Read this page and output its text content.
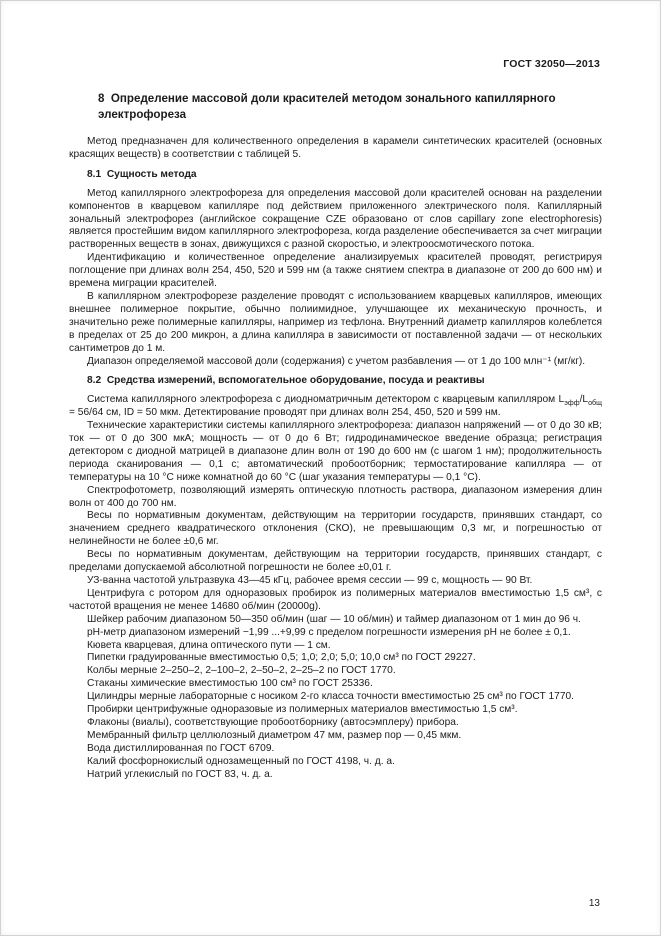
ГОСТ 32050—2013
8  Определение массовой доли красителей методом зонального капиллярного электрофореза
Метод предназначен для количественного определения в карамели синтетических красителей (основных красящих веществ) в соответствии с таблицей 5.
8.1  Сущность метода
Метод капиллярного электрофореза для определения массовой доли красителей основан на разделении компонентов в кварцевом капилляре под действием приложенного электрического поля. Капиллярный зональный электрофорез (английское сокращение CZE образовано от слов capillary zone electrophoresis) является простейшим видом капиллярного электрофореза, когда разделение обеспечивается за счет миграции растворенных веществ в зонах, движущихся с разной скоростью, и электроосмотического потока.
Идентификацию и количественное определение анализируемых красителей проводят, регистрируя поглощение при длинах волн 254, 450, 520 и 599 нм (а также снятием спектра в диапазоне от 200 до 600 нм) и времена миграции красителей.
В капиллярном электрофорезе разделение проводят с использованием кварцевых капилляров, имеющих внешнее полимерное покрытие, обычно полиимидное, улучшающее их механическую прочность, и значительно реже полимерные капилляры, например из тефлона. Внутренний диаметр капилляров колеблется в пределах от 25 до 200 микрон, а длина капилляра в зависимости от поставленной задачи — от нескольких сантиметров до 1 м.
Диапазон определяемой массовой доли (содержания) с учетом разбавления — от 1 до 100 млн⁻¹ (мг/кг).
8.2  Средства измерений, вспомогательное оборудование, посуда и реактивы
Система капиллярного электрофореза с диодноматричным детектором с кварцевым капилляром $L_{эфф}/L_{общ} = 56/64$ см, ID = 50 мкм. Детектирование проводят при длинах волн 254, 450, 520 и 599 нм.
Технические характеристики системы капиллярного электрофореза: диапазон напряжений — от 0 до 30 кВ; ток — от 0 до 300 мкА; мощность — от 0 до 6 Вт; гидродинамическое введение образца; регистрация детектором с диодной матрицей в диапазоне длин волн от 190 до 600 нм (с шагом 1 нм); продолжительность периода сканирования — 0,1 с; автоматический пробоотборник; термостатирование капилляра — от температуры на 10 °С ниже комнатной до 60 °С (шаг указания температуры — 0,1 °С).
Спектрофотометр, позволяющий измерять оптическую плотность раствора, диапазоном измерения длин волн от 400 до 700 нм.
Весы по нормативным документам, действующим на территории государств, принявших стандарт, со значением среднего квадратического отклонения (СКО), не превышающим 0,3 мг, и погрешностью от нелинейности не более ±0,6 мг.
Весы по нормативным документам, действующим на территории государств, принявших стандарт, с пределами допускаемой абсолютной погрешности не более ±0,01 г.
УЗ-ванна частотой ультразвука 43—45 кГц, рабочее время сессии — 99 с, мощность — 90 Вт.
Центрифуга с ротором для одноразовых пробирок из полимерных материалов вместимостью 1,5 см³, с частотой вращения не менее 14680 об/мин (20000g).
Шейкер рабочим диапазоном 50—350 об/мин (шаг — 10 об/мин) и таймер диапазоном от 1 мин до 96 ч.
рН-метр диапазоном измерений −1,99 ...+9,99 с пределом погрешности измерения рН не более ± 0,1.
Кювета кварцевая, длина оптического пути — 1 см.
Пипетки градуированные вместимостью 0,5; 1,0; 2,0; 5,0; 10,0 см³ по ГОСТ 29227.
Колбы мерные 2–250–2, 2–100–2, 2–50–2, 2–25–2 по ГОСТ 1770.
Стаканы химические вместимостью 100 см³ по ГОСТ 25336.
Цилиндры мерные лабораторные с носиком 2-го класса точности вместимостью 25 см³ по ГОСТ 1770.
Пробирки центрифужные одноразовые из полимерных материалов вместимостью 1,5 см³.
Флаконы (виалы), соответствующие пробоотборнику (автосэмплеру) прибора.
Мембранный фильтр целлюлозный диаметром 47 мм, размер пор — 0,45 мкм.
Вода дистиллированная по ГОСТ 6709.
Калий фосфорнокислый однозамещенный по ГОСТ 4198, ч. д. а.
Натрий углекислый по ГОСТ 83, ч. д. а.
13
